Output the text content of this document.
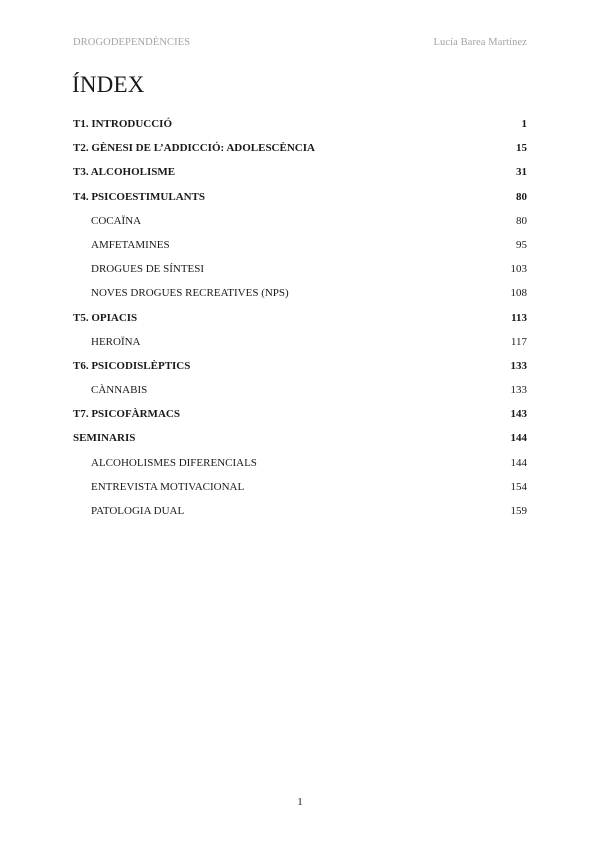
DROGODEPENDÈNCIES	Lucía Barea Martínez
ÍNDEX
T1. INTRODUCCIÓ	1
T2. GÈNESI DE L’ADDICCIÓ: ADOLESCÈNCIA	15
T3. ALCOHOLISME	31
T4. PSICOESTIMULANTS	80
COCAÏNA	80
AMFETAMINES	95
DROGUES DE SÍNTESI	103
NOVES DROGUES RECREATIVES (NPS)	108
T5. OPIACIS	113
HEROÏNA	117
T6. PSICODISLÈPTICS	133
CÀNNABIS	133
T7. PSICOFÀRMACS	143
SEMINARIS	144
ALCOHOLISMES DIFERENCIALS	144
ENTREVISTA MOTIVACIONAL	154
PATOLOGIA DUAL	159
1
